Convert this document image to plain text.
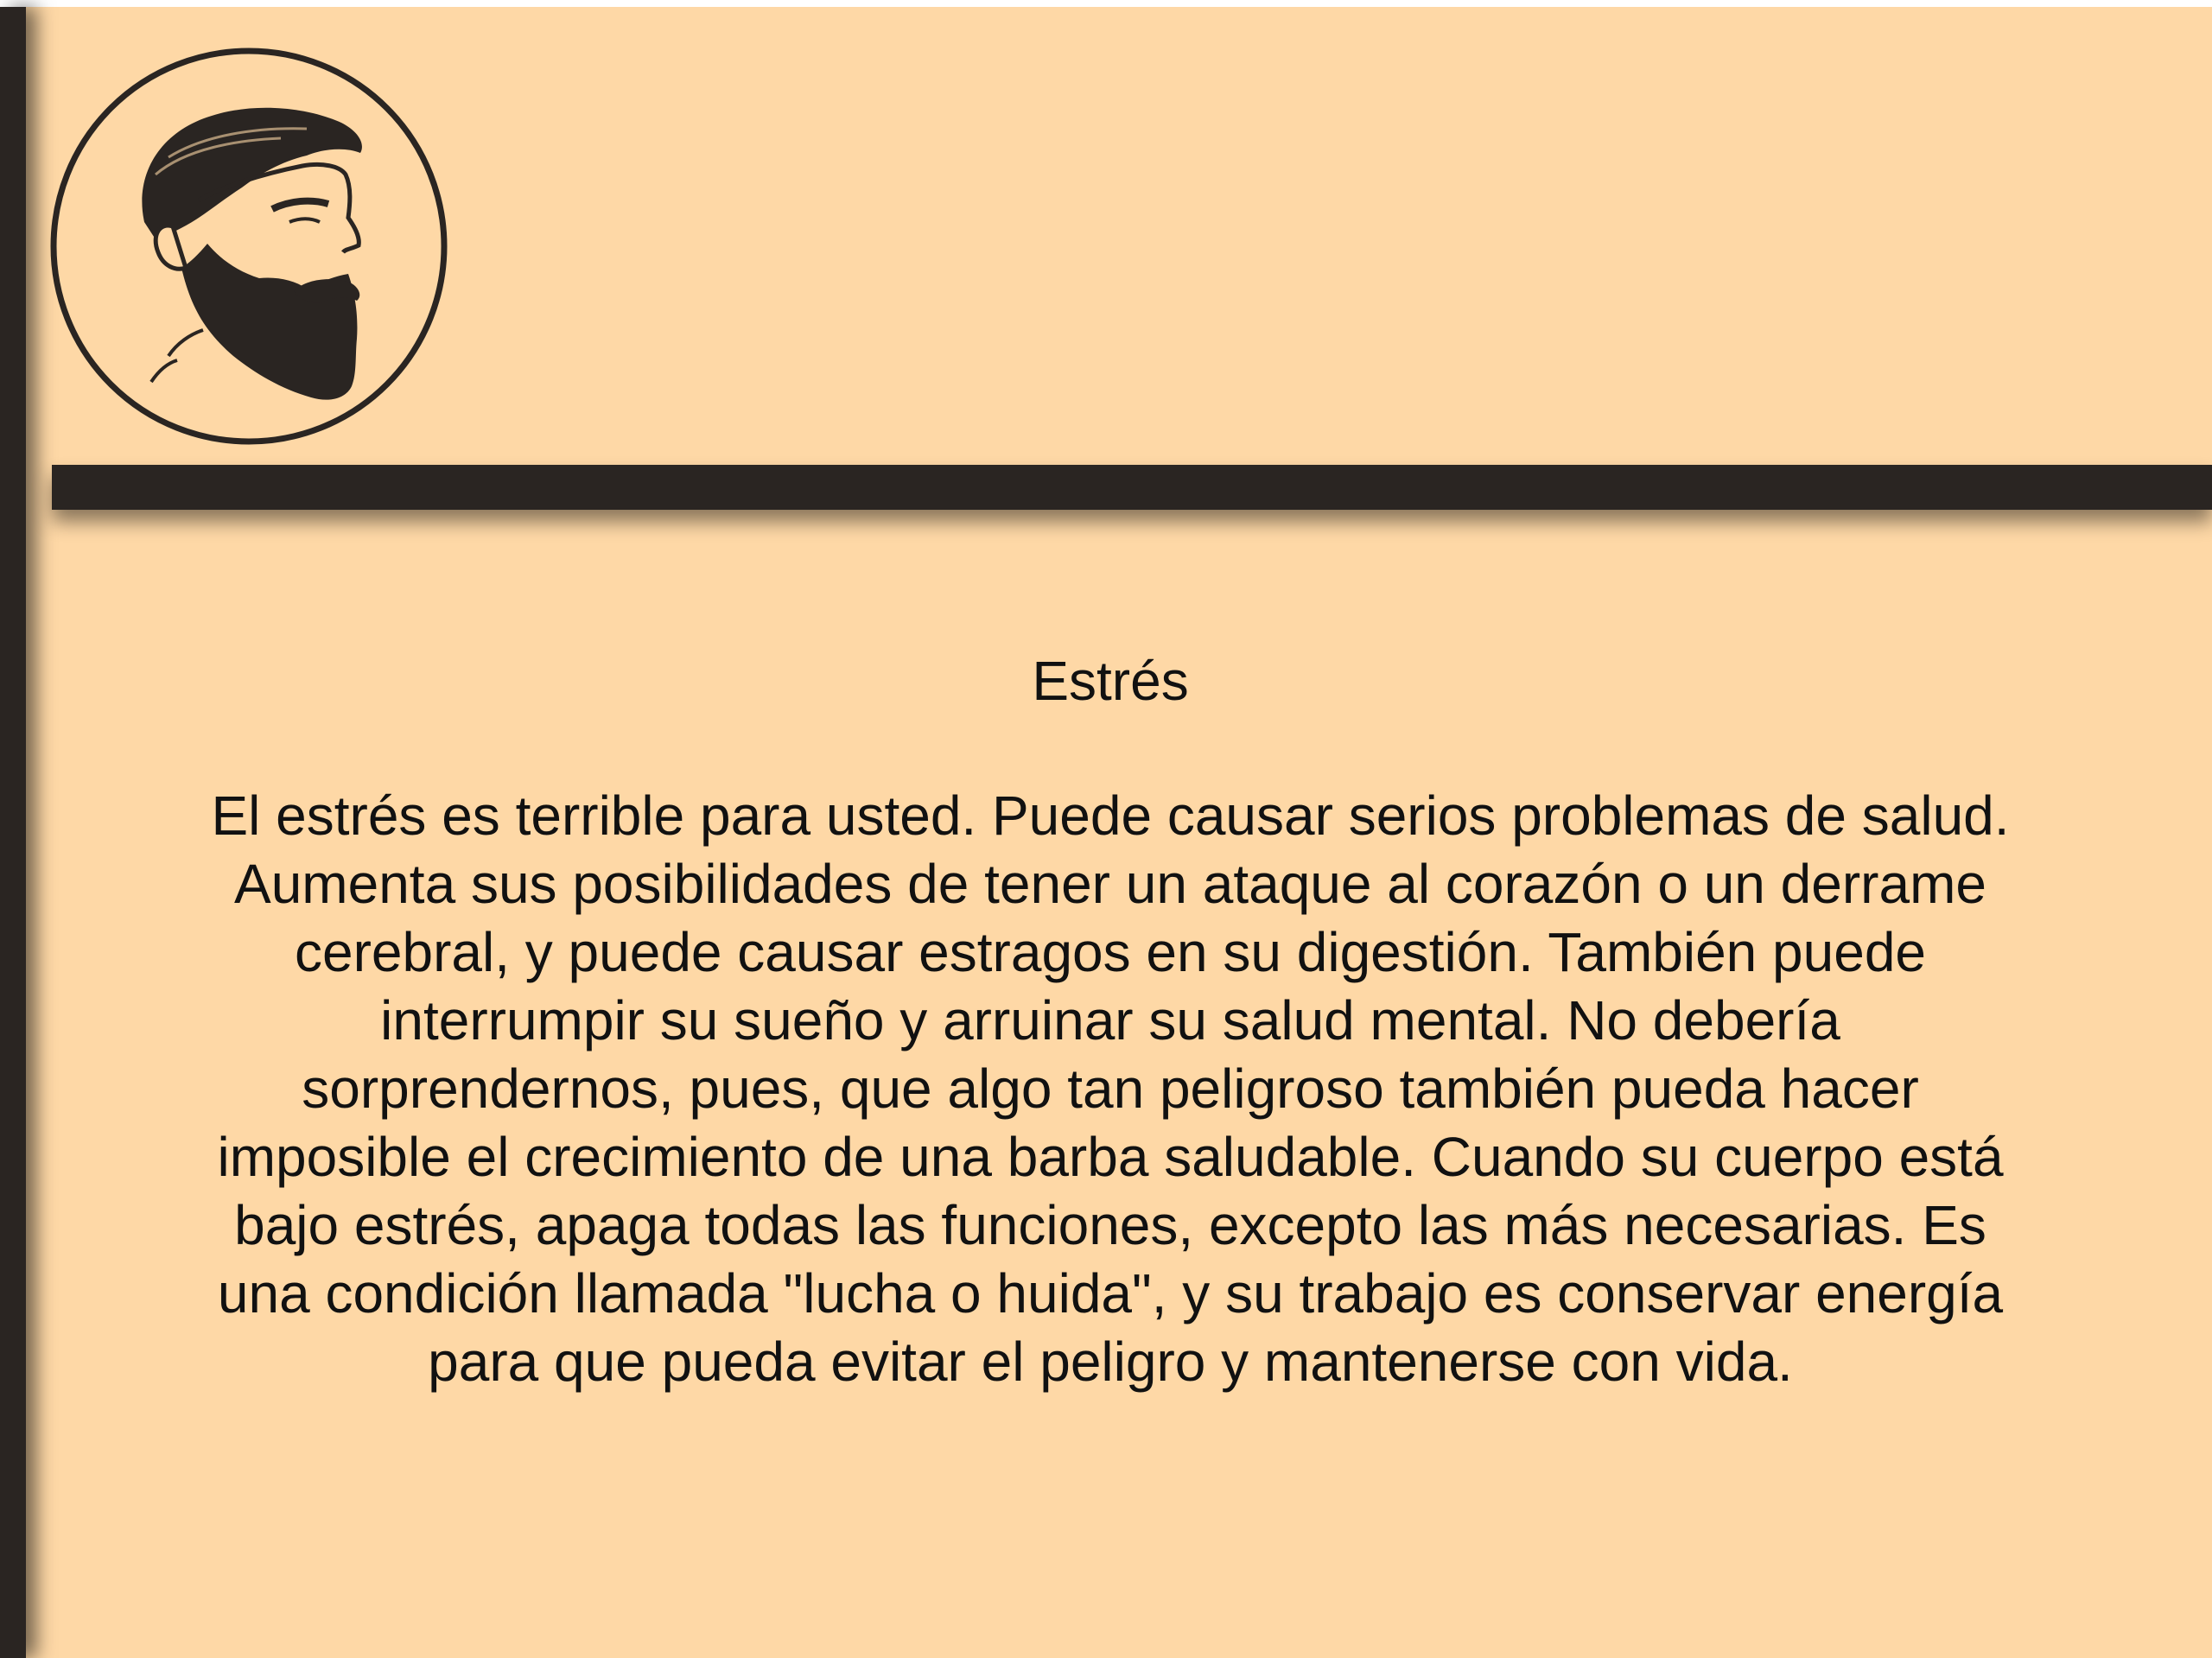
Estrés

El estrés es terrible para usted. Puede causar serios problemas de salud. Aumenta sus posibilidades de tener un ataque al corazón o un derrame cerebral, y puede causar estragos en su digestión. También puede interrumpir su sueño y arruinar su salud mental. No debería sorprendernos, pues, que algo tan peligroso también pueda hacer imposible el crecimiento de una barba saludable. Cuando su cuerpo está bajo estrés, apaga todas las funciones, excepto las más necesarias. Es una condición llamada "lucha o huida", y su trabajo es conservar energía para que pueda evitar el peligro y mantenerse con vida.
